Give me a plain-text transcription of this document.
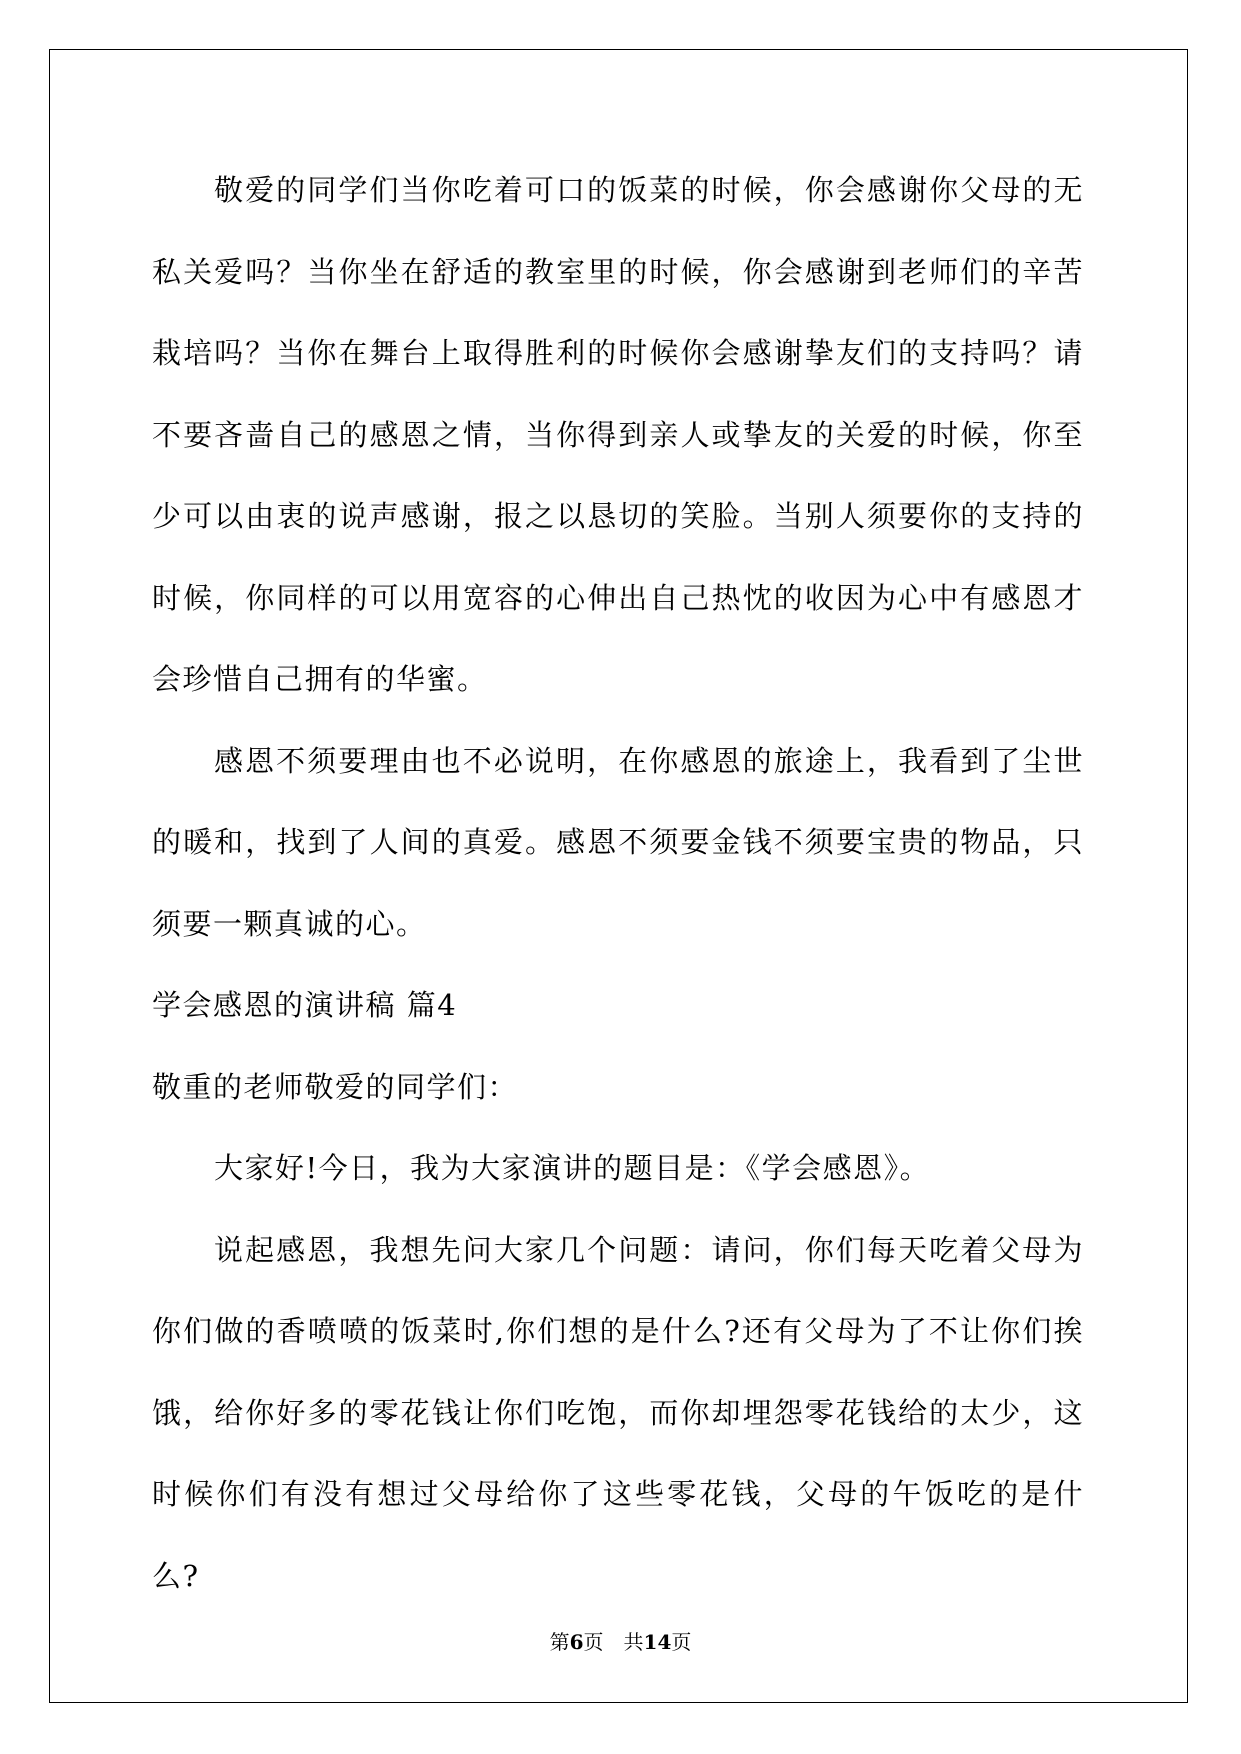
敬爱的同学们当你吃着可口的饭菜的时候，你会感谢你父母的无私关爱吗？当你坐在舒适的教室里的时候，你会感谢到老师们的辛苦栽培吗？当你在舞台上取得胜利的时候你会感谢挚友们的支持吗？请不要吝啬自己的感恩之情，当你得到亲人或挚友的关爱的时候，你至少可以由衷的说声感谢，报之以恳切的笑脸。当别人须要你的支持的时候，你同样的可以用宽容的心伸出自己热忱的收因为心中有感恩才会珍惜自己拥有的华蜜。

感恩不须要理由也不必说明，在你感恩的旅途上，我看到了尘世的暖和，找到了人间的真爱。感恩不须要金钱不须要宝贵的物品，只须要一颗真诚的心。

学会感恩的演讲稿 篇4

敬重的老师敬爱的同学们：

大家好!今日，我为大家演讲的题目是：《学会感恩》。

说起感恩，我想先问大家几个问题：请问，你们每天吃着父母为你们做的香喷喷的饭菜时,你们想的是什么?还有父母为了不让你们挨饿，给你好多的零花钱让你们吃饱，而你却埋怨零花钱给的太少，这时候你们有没有想过父母给你了这些零花钱，父母的午饭吃的是什么?

第6页 共14页
